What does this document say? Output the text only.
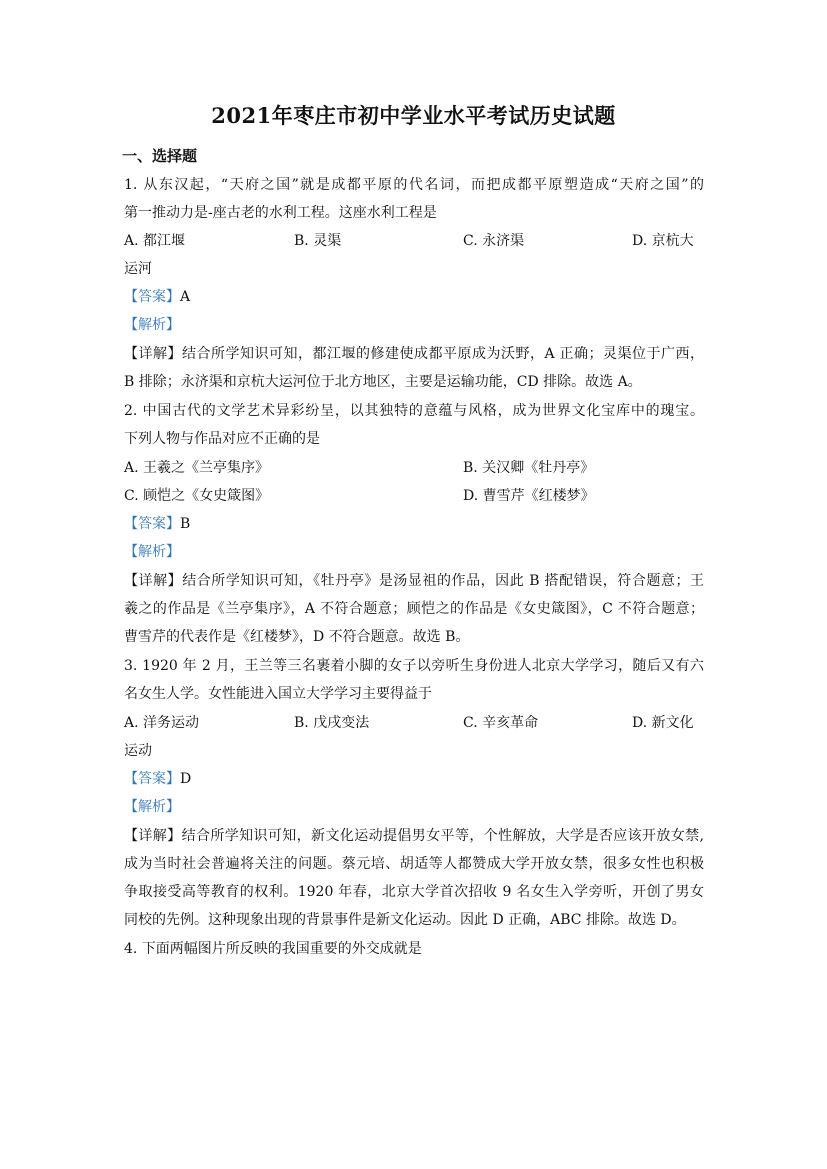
2021年枣庄市初中学业水平考试历史试题
一、选择题
1. 从东汉起，“天府之国”就是成都平原的代名词，而把成都平原塑造成“天府之国”的
第一推动力是-座古老的水利工程。这座水利工程是
A. 都江堰	B. 灵渠	C. 永济渠	D. 京杭大
运河
【答案】A
【解析】
【详解】结合所学知识可知，都江堰的修建使成都平原成为沃野，A 正确；灵渠位于广西，
B 排除；永济渠和京杭大运河位于北方地区，主要是运输功能，CD 排除。故选 A。
2. 中国古代的文学艺术异彩纷呈，以其独特的意蕴与风格，成为世界文化宝库中的瑰宝。
下列人物与作品对应不正确的是
A. 王羲之《兰亭集序》	B. 关汉卿《牡丹亭》
C. 顾恺之《女史箴图》	D. 曹雪芹《红楼梦》
【答案】B
【解析】
【详解】结合所学知识可知，《牡丹亭》是汤显祖的作品，因此 B 搭配错误，符合题意；王
羲之的作品是《兰亭集序》，A 不符合题意；顾恺之的作品是《女史箴图》，C 不符合题意；
曹雪芹的代表作是《红楼梦》，D 不符合题意。故选 B。
3. 1920 年 2 月，王兰等三名裹着小脚的女子以旁听生身份进人北京大学学习，随后又有六
名女生人学。女性能进入国立大学学习主要得益于
A. 洋务运动	B. 戊戌变法	C. 辛亥革命	D. 新文化
运动
【答案】D
【解析】
【详解】结合所学知识可知，新文化运动提倡男女平等，个性解放，大学是否应该开放女禁,
成为当时社会普遍将关注的问题。蔡元培、胡适等人都赞成大学开放女禁，很多女性也积极
争取接受高等教育的权利。1920 年春，北京大学首次招收 9 名女生入学旁听，开创了男女
同校的先例。这种现象出现的背景事件是新文化运动。因此 D 正确，ABC 排除。故选 D。
4. 下面两幅图片所反映的我国重要的外交成就是
